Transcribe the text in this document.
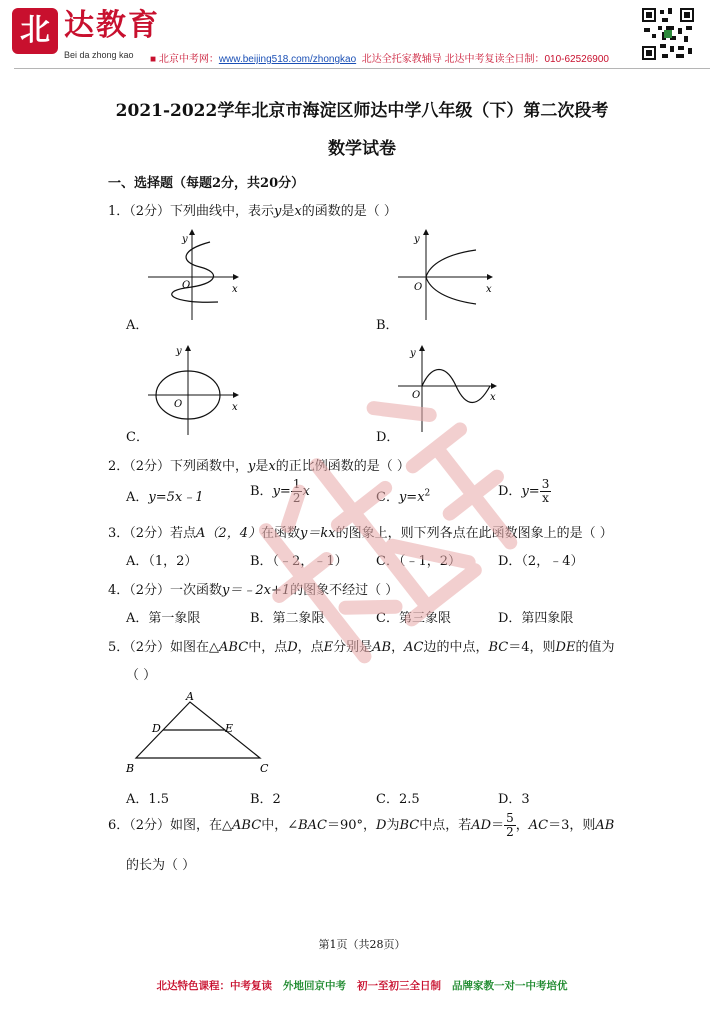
北 达教育
Bei da zhong kao ■ 北京中考网：www.beijing518.com/zhongkao 北达全托家教辅导 北达中考复读全日制：010-62526900
2021-2022学年北京市海淀区师达中学八年级（下）第二次段考
数学试卷
一、选择题（每题2分，共20分）
1．（2分）下列曲线中，表示y是x的函数的是（ ）
y
x
O
A．
y
x
O
B．
y
x
O
C．
y
x
O
D．
2．（2分）下列函数中，y是x的正比例函数的是（ ）
A．y=5x﹣1	B．$y= \frac{1}{2}$ x	C．$y=x^2$	D．$y= \frac{3}{x}$
3．（2分）若点A（2，4）在函数y＝kx的图象上，则下列各点在此函数图象上的是（ ）
A．（1，2）	B．（﹣2，﹣1） C．（﹣1，2）	D．（2，﹣4）
4．（2分）一次函数y＝﹣2x+1的图象不经过（ ）
A．第一象限	B．第二象限	C．第三象限	D．第四象限
5．（2分）如图在△ABC中，点D，点E分别是AB，AC边的中点，BC＝4，则DE的值为
（ ）
A
D	E
B	C
A．1.5	B．2	C．2.5	D．3
6．（2分）如图，在△ABC中，∠BAC＝90°，D为BC中点，若$AD= \frac{5}{2}$ ，AC＝3，则AB
的长为（ ）
第1页（共28页）
北达特色课程：中考复读 外地回京中考 初一至初三全日制 品牌家教一对一中考培优
